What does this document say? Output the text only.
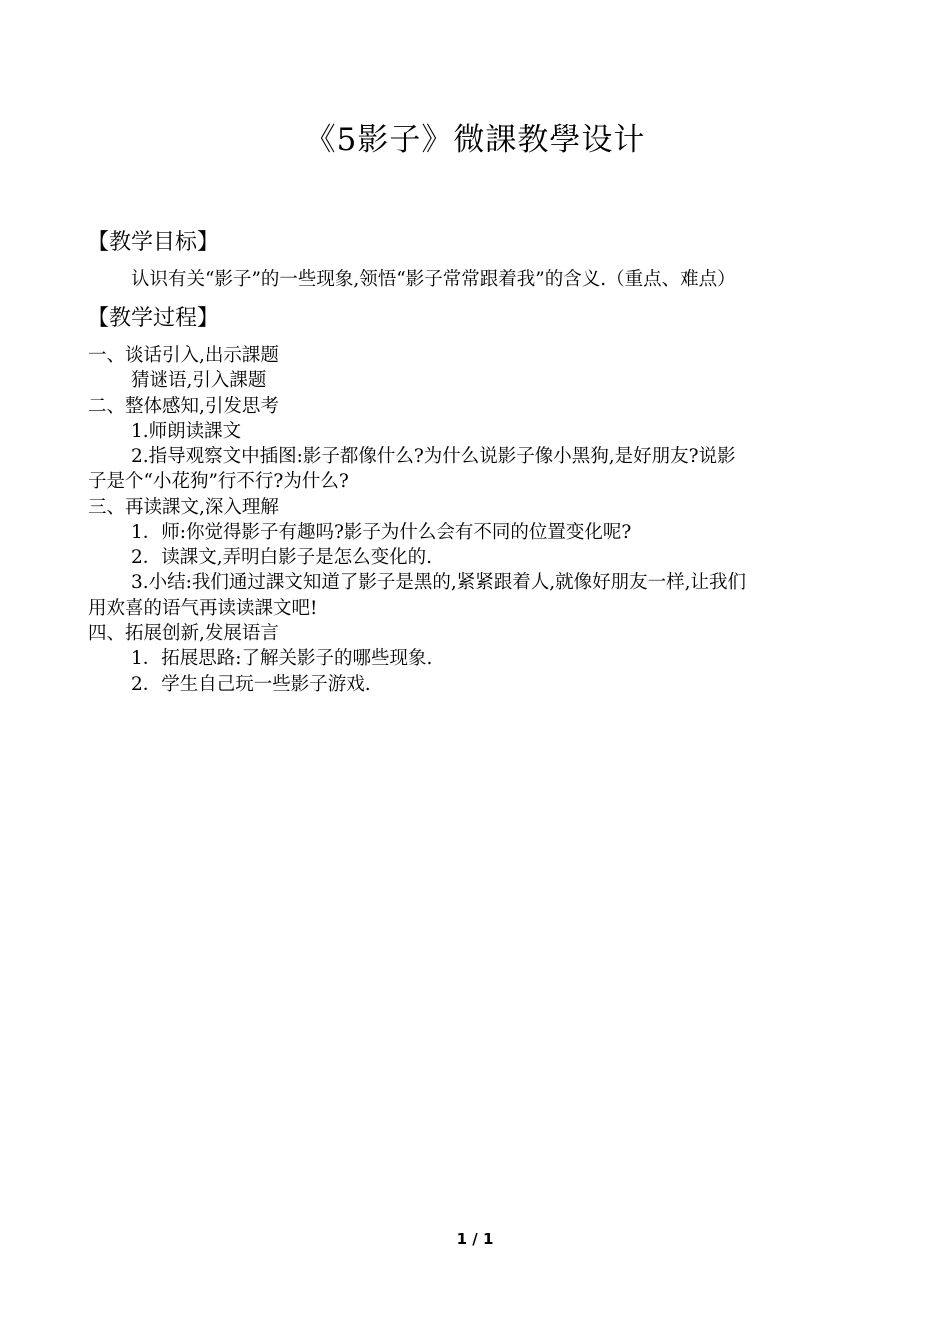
《5影子》微課教學设计
【教学目标】
认识有关“影子”的一些现象,领悟“影子常常跟着我”的含义.（重点、难点）
【教学过程】
一、谈话引入,出示課题
猜谜语,引入課题
二、整体感知,引发思考
1.师朗读課文
2.指导观察文中插图:影子都像什么?为什么说影子像小黑狗,是好朋友?说影
子是个“小花狗”行不行?为什么?
三、再读課文,深入理解
1．师:你觉得影子有趣吗?影子为什么会有不同的位置变化呢?
2．读課文,弄明白影子是怎么变化的.
3.小结:我们通过課文知道了影子是黑的,紧紧跟着人,就像好朋友一样,让我们
用欢喜的语气再读读課文吧!
四、拓展创新,发展语言
1．拓展思路:了解关影子的哪些现象.
2．学生自己玩一些影子游戏.
1 / 1
